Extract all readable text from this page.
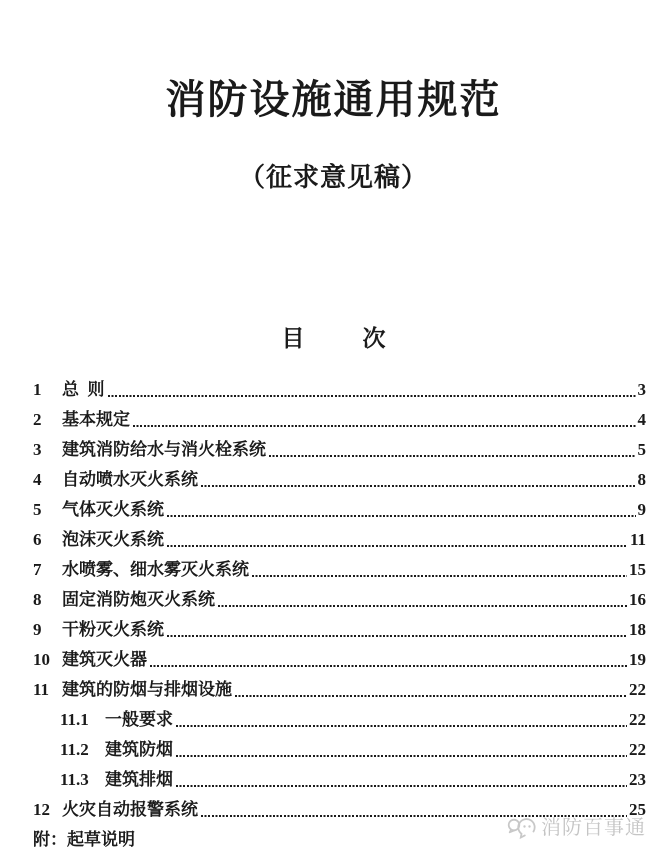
消防设施通用规范
（征求意见稿）
目	次
1	总 则	3
2	基本规定	4
3	建筑消防给水与消火栓系统	5
4	自动喷水灭火系统	8
5	气体灭火系统	9
6	泡沫灭火系统	11
7	水喷雾、细水雾灭火系统	15
8	固定消防炮灭火系统	16
9	干粉灭火系统	18
10 建筑灭火器	19
11 建筑的防烟与排烟设施	22
11.1 一般要求	22
11.2 建筑防烟	22
11.3 建筑排烟	23
12 火灾自动报警系统	25
附：起草说明
消防百事通
